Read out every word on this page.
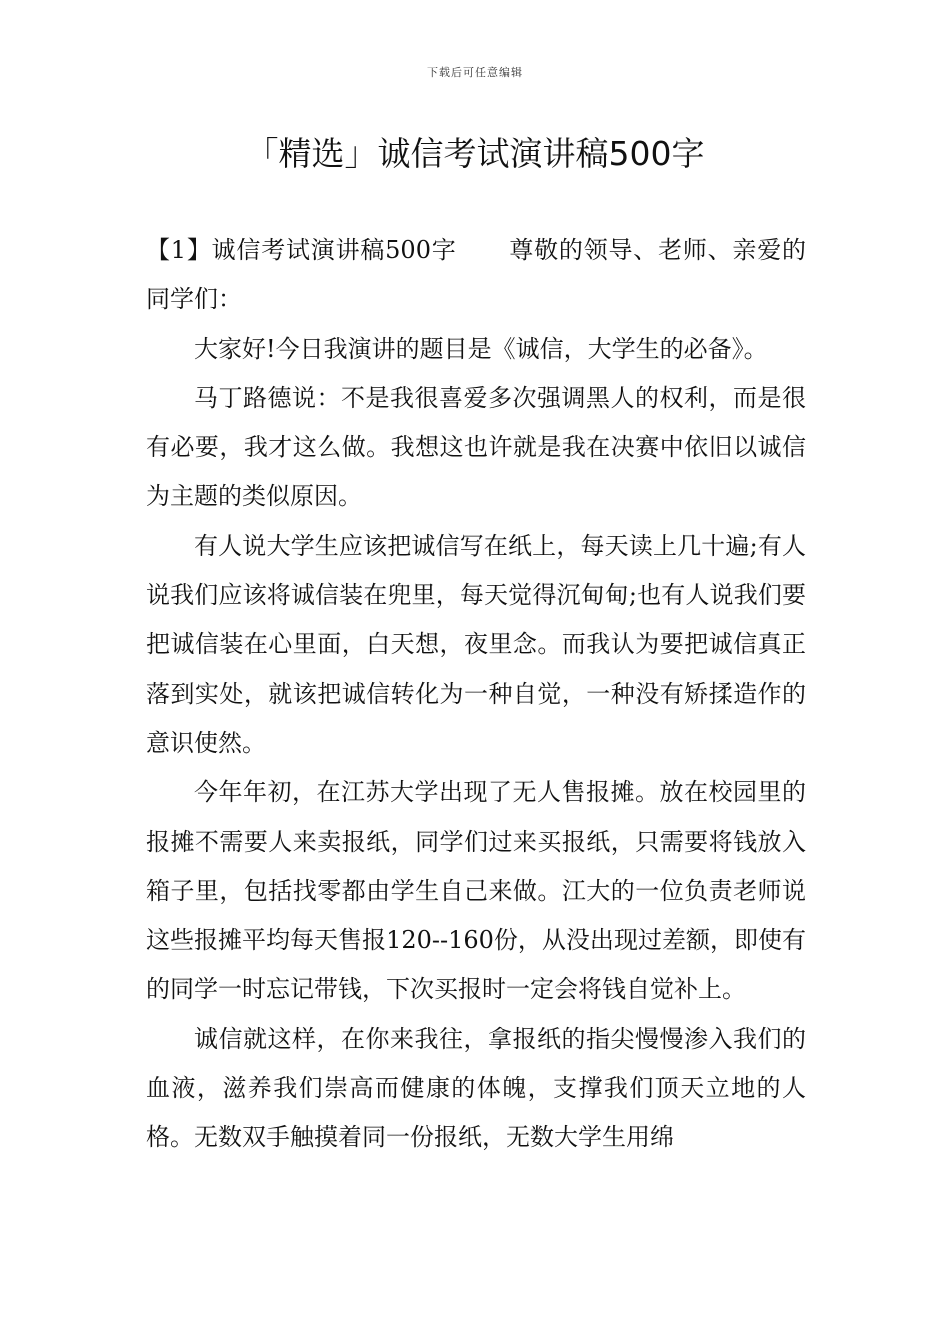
下载后可任意编辑
「精选」诚信考试演讲稿500字

【1】诚信考试演讲稿500字 尊敬的领导、老师、亲爱的同学们：

大家好!今日我演讲的题目是《诚信，大学生的必备》。

马丁路德说：不是我很喜爱多次强调黑人的权利，而是很有必要，我才这么做。我想这也许就是我在决赛中依旧以诚信为主题的类似原因。

有人说大学生应该把诚信写在纸上，每天读上几十遍;有人说我们应该将诚信装在兜里，每天觉得沉甸甸;也有人说我们要把诚信装在心里面，白天想，夜里念。而我认为要把诚信真正落到实处，就该把诚信转化为一种自觉，一种没有矫揉造作的意识使然。

今年年初，在江苏大学出现了无人售报摊。放在校园里的报摊不需要人来卖报纸，同学们过来买报纸，只需要将钱放入箱子里，包括找零都由学生自己来做。江大的一位负责老师说这些报摊平均每天售报120--160份，从没出现过差额，即使有的同学一时忘记带钱，下次买报时一定会将钱自觉补上。

诚信就这样，在你来我往，拿报纸的指尖慢慢渗入我们的血液，滋养我们崇高而健康的体魄，支撑我们顶天立地的人格。无数双手触摸着同一份报纸，无数大学生用绵
